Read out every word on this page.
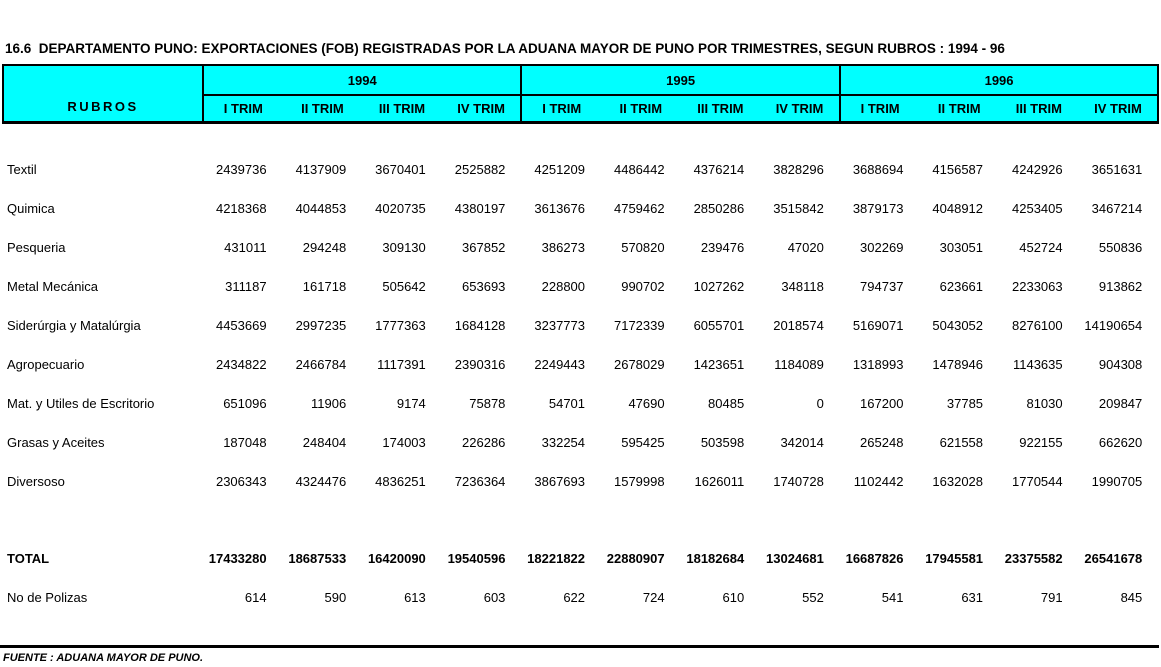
16.6  DEPARTAMENTO PUNO: EXPORTACIONES (FOB) REGISTRADAS POR LA ADUANA MAYOR DE PUNO POR TRIMESTRES, SEGUN RUBROS : 1994 - 96

RUBROS	1994				1995				1996			
	I TRIM	II TRIM	III TRIM	IV TRIM	I TRIM	II TRIM	III TRIM	IV TRIM	I TRIM	II TRIM	III TRIM	IV TRIM

Textil	2439736	4137909	3670401	2525882	4251209	4486442	4376214	3828296	3688694	4156587	4242926	3651631
Quimica	4218368	4044853	4020735	4380197	3613676	4759462	2850286	3515842	3879173	4048912	4253405	3467214
Pesqueria	431011	294248	309130	367852	386273	570820	239476	47020	302269	303051	452724	550836
Metal Mecánica	311187	161718	505642	653693	228800	990702	1027262	348118	794737	623661	2233063	913862
Siderúrgia y Matalúrgia	4453669	2997235	1777363	1684128	3237773	7172339	6055701	2018574	5169071	5043052	8276100	14190654
Agropecuario	2434822	2466784	1117391	2390316	2249443	2678029	1423651	1184089	1318993	1478946	1143635	904308
Mat. y Utiles de Escritorio	651096	11906	9174	75878	54701	47690	80485	0	167200	37785	81030	209847
Grasas y Aceites	187048	248404	174003	226286	332254	595425	503598	342014	265248	621558	922155	662620
Diversoso	2306343	4324476	4836251	7236364	3867693	1579998	1626011	1740728	1102442	1632028	1770544	1990705

TOTAL	17433280	18687533	16420090	19540596	18221822	22880907	18182684	13024681	16687826	17945581	23375582	26541678
No de Polizas	614	590	613	603	622	724	610	552	541	631	791	845
FUENTE : ADUANA MAYOR DE PUNO.
